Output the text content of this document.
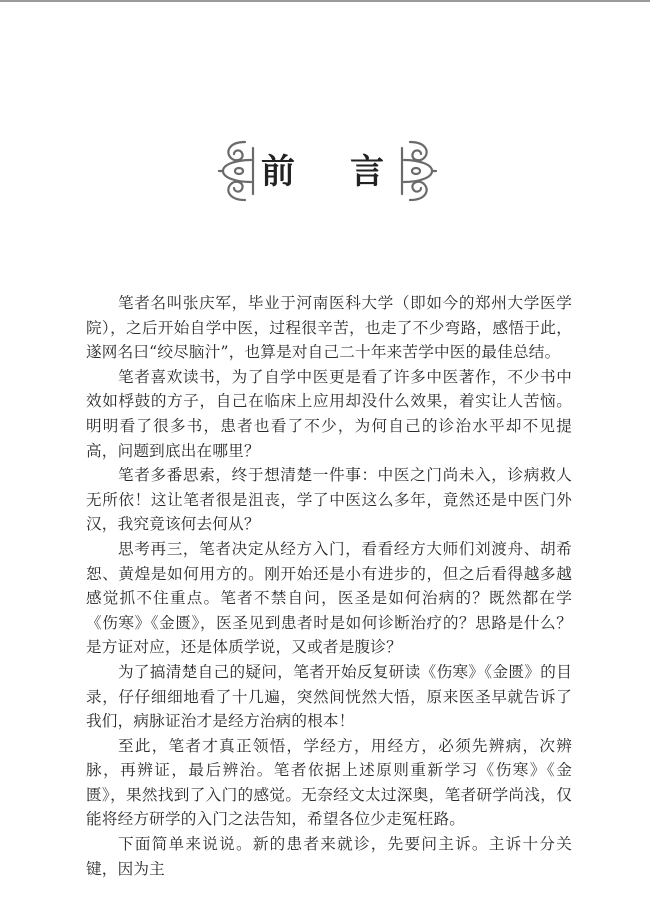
前 言

笔者名叫张庆军，毕业于河南医科大学（即如今的郑州大学医学院），之后开始自学中医，过程很辛苦，也走了不少弯路，感悟于此，遂网名曰“绞尽脑汁”，也算是对自己二十年来苦学中医的最佳总结。

笔者喜欢读书，为了自学中医更是看了许多中医著作，不少书中效如桴鼓的方子，自己在临床上应用却没什么效果，着实让人苦恼。明明看了很多书，患者也看了不少，为何自己的诊治水平却不见提高，问题到底出在哪里？

笔者多番思索，终于想清楚一件事：中医之门尚未入，诊病救人无所依！这让笔者很是沮丧，学了中医这么多年，竟然还是中医门外汉，我究竟该何去何从？

思考再三，笔者决定从经方入门，看看经方大师们刘渡舟、胡希恕、黄煌是如何用方的。刚开始还是小有进步的，但之后看得越多越感觉抓不住重点。笔者不禁自问，医圣是如何治病的？既然都在学《伤寒》《金匮》，医圣见到患者时是如何诊断治疗的？思路是什么？是方证对应，还是体质学说，又或者是腹诊？

为了搞清楚自己的疑问，笔者开始反复研读《伤寒》《金匮》的目录，仔仔细细地看了十几遍，突然间恍然大悟，原来医圣早就告诉了我们，病脉证治才是经方治病的根本！

至此，笔者才真正领悟，学经方，用经方，必须先辨病，次辨脉，再辨证，最后辨治。笔者依据上述原则重新学习《伤寒》《金匮》，果然找到了入门的感觉。无奈经文太过深奥，笔者研学尚浅，仅能将经方研学的入门之法告知，希望各位少走冤枉路。

下面简单来说说。新的患者来就诊，先要问主诉。主诉十分关键，因为主
